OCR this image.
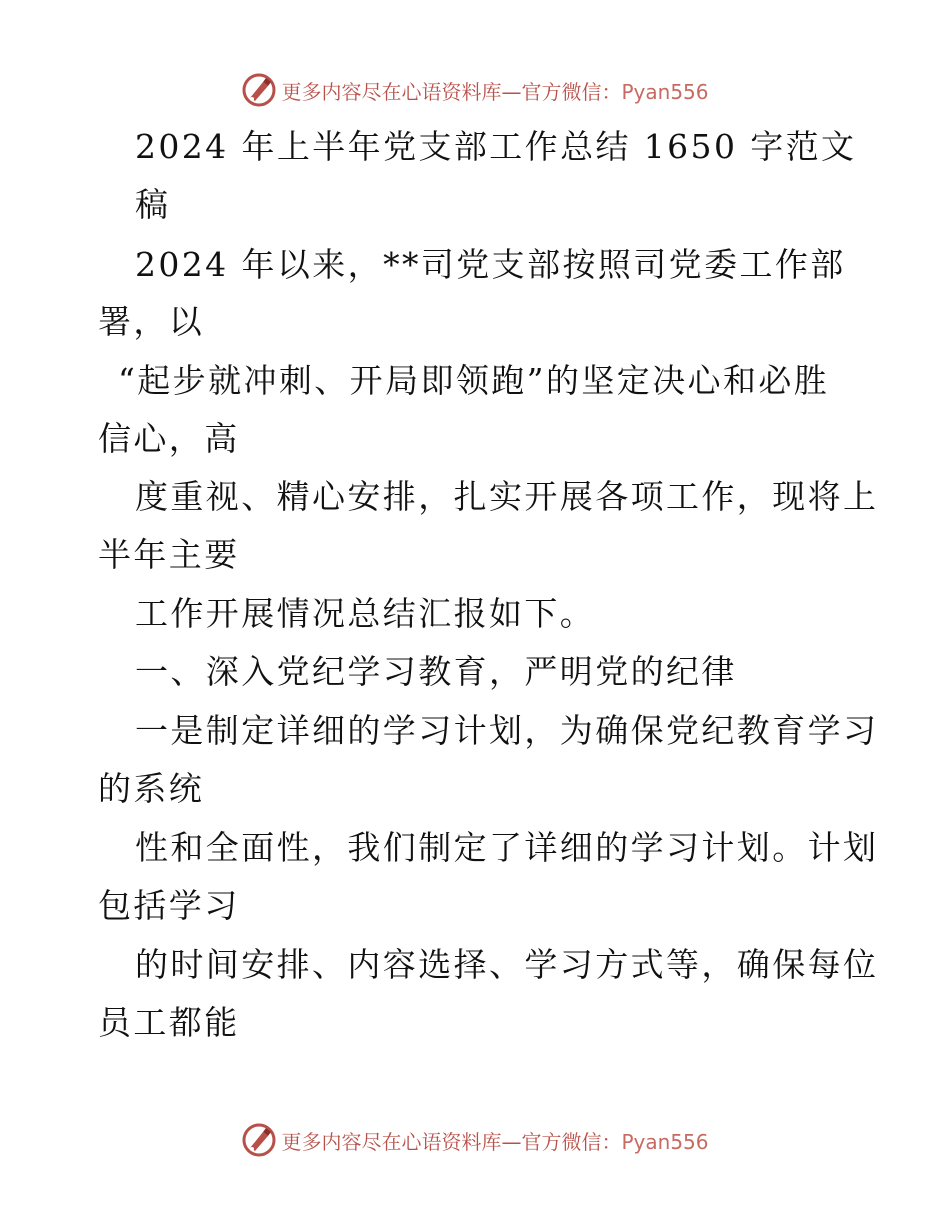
更多内容尽在心语资料库—官方微信：Pyan556
2024 年上半年党支部工作总结 1650 字范文
稿
2024 年以来，**司党支部按照司党委工作部
署，以
“起步就冲刺、开局即领跑”的坚定决心和必胜
信心，高
度重视、精心安排，扎实开展各项工作，现将上
半年主要
工作开展情况总结汇报如下。
一、深入党纪学习教育，严明党的纪律
一是制定详细的学习计划，为确保党纪教育学习
的系统
性和全面性，我们制定了详细的学习计划。计划
包括学习
的时间安排、内容选择、学习方式等，确保每位
员工都能
更多内容尽在心语资料库—官方微信：Pyan556
